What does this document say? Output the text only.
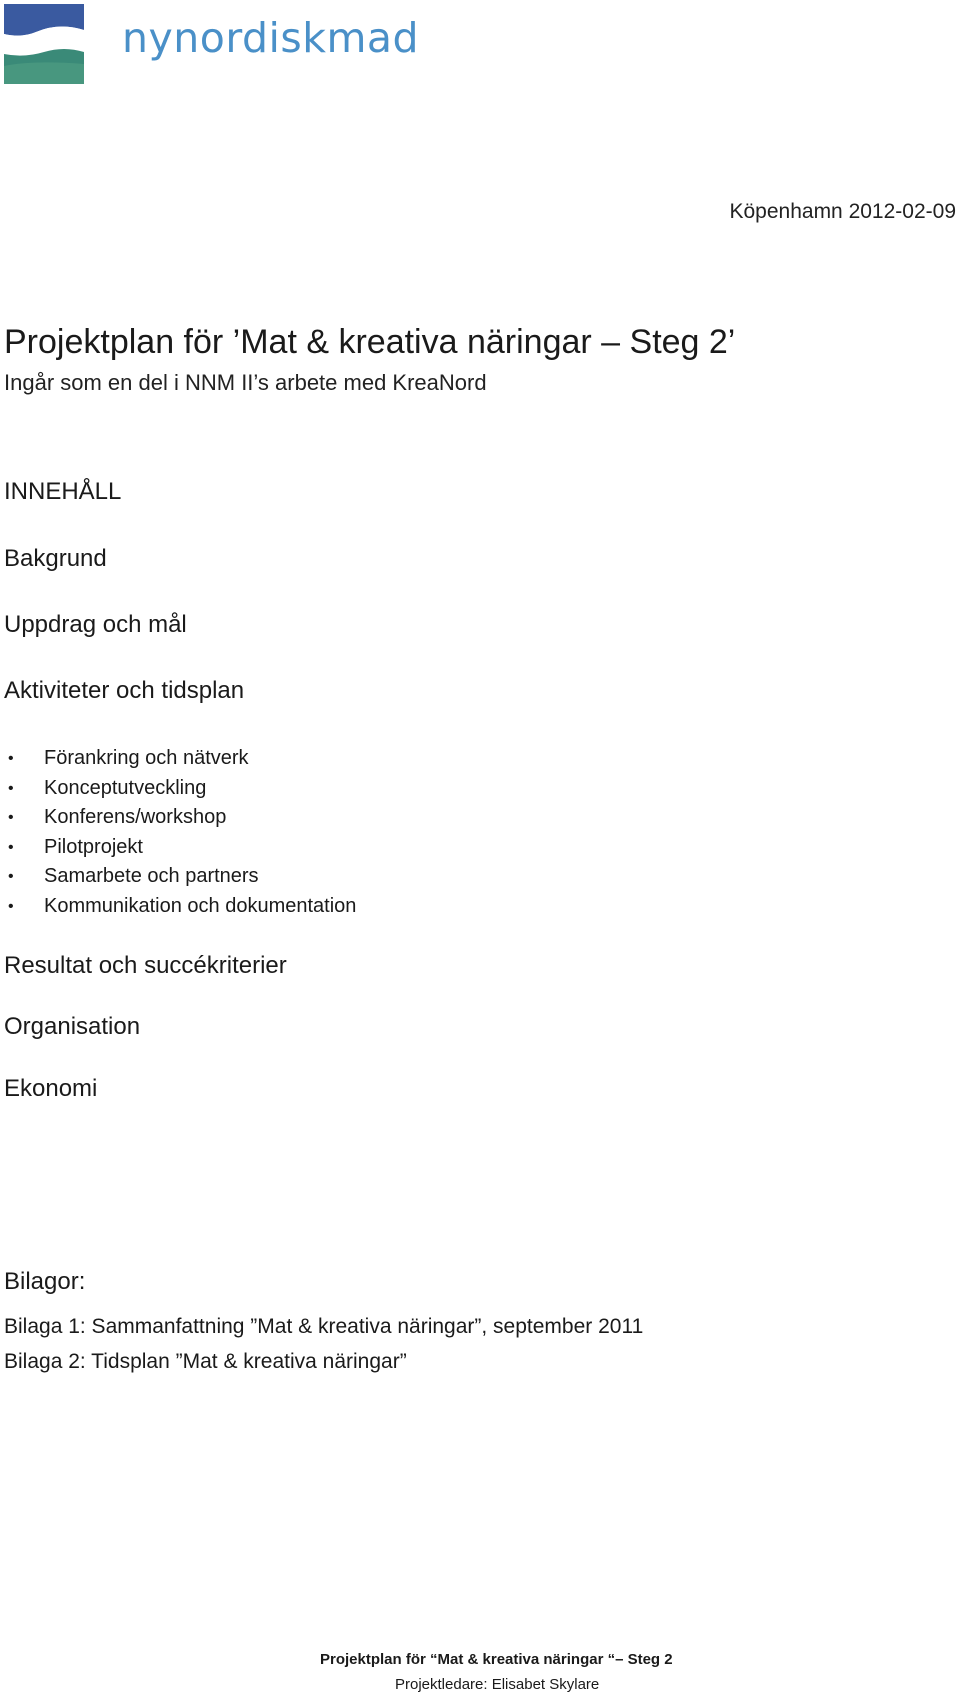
nynordiskmad
Köpenhamn 2012-02-09
Projektplan för ’Mat & kreativa näringar – Steg 2’
Ingår som en del i NNM II’s arbete med KreaNord
INNEHÅLL
Bakgrund
Uppdrag och mål
Aktiviteter och tidsplan
• Förankring och nätverk
• Konceptutveckling
• Konferens/workshop
• Pilotprojekt
• Samarbete och partners
• Kommunikation och dokumentation
Resultat och succékriterier
Organisation
Ekonomi
Bilagor:
Bilaga 1: Sammanfattning ”Mat & kreativa näringar”, september 2011
Bilaga 2: Tidsplan ”Mat & kreativa näringar”
Projektplan för “Mat & kreativa näringar “– Steg 2
Projektledare: Elisabet Skylare
